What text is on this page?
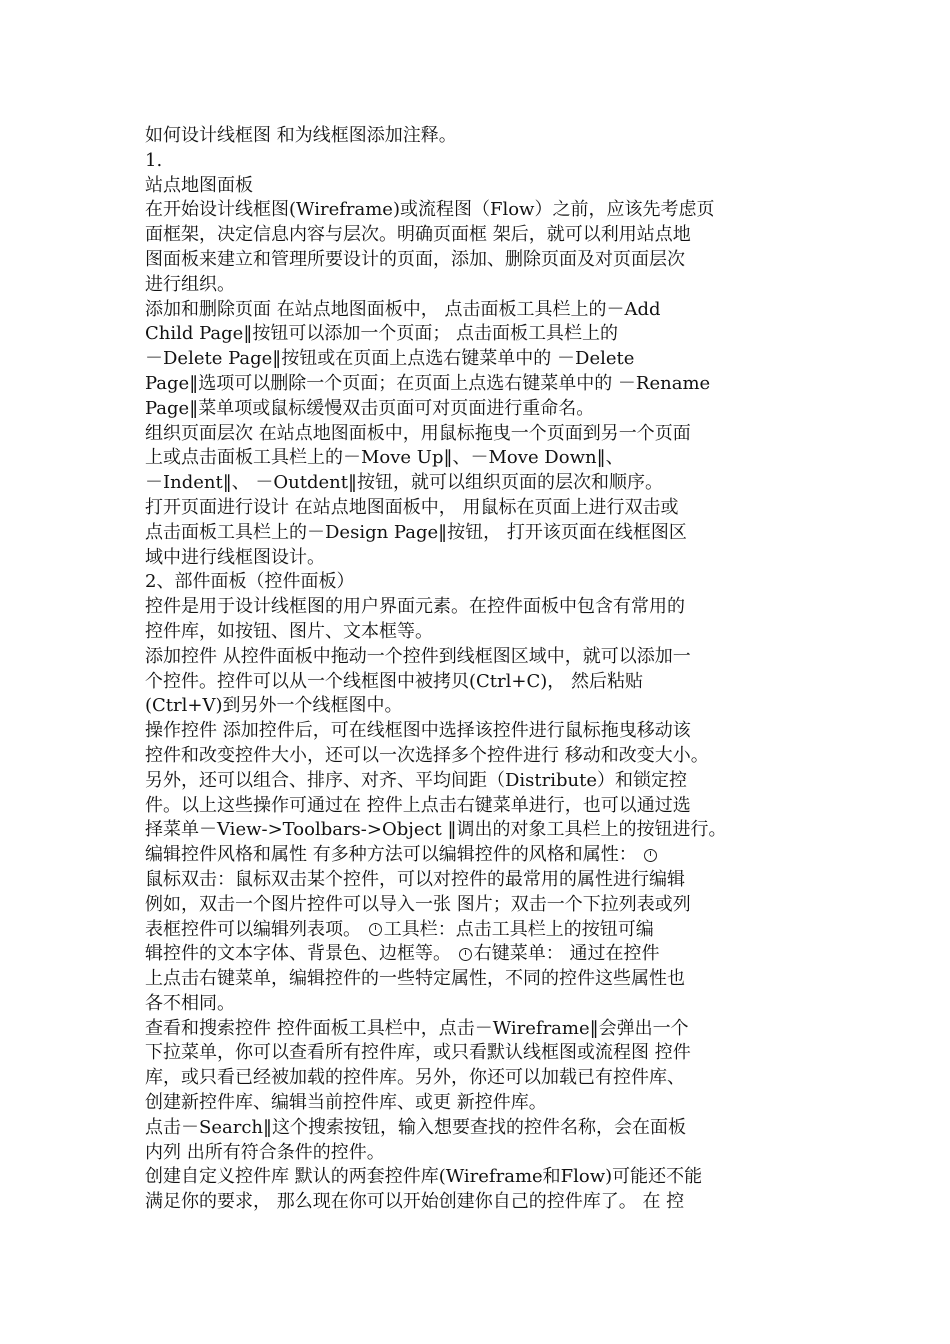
如何设计线框图 和为线框图添加注释。
1.
站点地图面板
在开始设计线框图(Wireframe)或流程图（Flow）之前，应该先考虑页
面框架，决定信息内容与层次。明确页面框 架后，就可以利用站点地
图面板来建立和管理所要设计的页面，添加、删除页面及对页面层次
进行组织。
添加和删除页面 在站点地图面板中， 点击面板工具栏上的－Add
Child Page‖按钮可以添加一个页面； 点击面板工具栏上的
－Delete Page‖按钮或在页面上点选右键菜单中的 －Delete
Page‖选项可以删除一个页面；在页面上点选右键菜单中的 －Rename
Page‖菜单项或鼠标缓慢双击页面可对页面进行重命名。
组织页面层次 在站点地图面板中，用鼠标拖曳一个页面到另一个页面
上或点击面板工具栏上的－Move Up‖、－Move Down‖、
－Indent‖、 －Outdent‖按钮，就可以组织页面的层次和顺序。
打开页面进行设计 在站点地图面板中， 用鼠标在页面上进行双击或
点击面板工具栏上的－Design Page‖按钮， 打开该页面在线框图区
域中进行线框图设计。
2、部件面板（控件面板）
控件是用于设计线框图的用户界面元素。在控件面板中包含有常用的
控件库，如按钮、图片、文本框等。
添加控件 从控件面板中拖动一个控件到线框图区域中，就可以添加一
个控件。控件可以从一个线框图中被拷贝(Ctrl+C)， 然后粘贴
(Ctrl+V)到另外一个线框图中。
操作控件 添加控件后，可在线框图中选择该控件进行鼠标拖曳移动该
控件和改变控件大小，还可以一次选择多个控件进行 移动和改变大小。
另外，还可以组合、排序、对齐、平均间距（Distribute）和锁定控
件。以上这些操作可通过在 控件上点击右键菜单进行，也可以通过选
择菜单－View->Toolbars->Object ‖调出的对象工具栏上的按钮进行。
编辑控件风格和属性 有多种方法可以编辑控件的风格和属性：
鼠标双击：鼠标双击某个控件，可以对控件的最常用的属性进行编辑
例如，双击一个图片控件可以导入一张 图片；双击一个下拉列表或列
表框控件可以编辑列表项。 工具栏：点击工具栏上的按钮可编
辑控件的文本字体、背景色、边框等。 右键菜单： 通过在控件
上点击右键菜单，编辑控件的一些特定属性，不同的控件这些属性也
各不相同。
查看和搜索控件 控件面板工具栏中，点击－Wireframe‖会弹出一个
下拉菜单，你可以查看所有控件库，或只看默认线框图或流程图 控件
库，或只看已经被加载的控件库。另外，你还可以加载已有控件库、
创建新控件库、编辑当前控件库、或更 新控件库。
点击－Search‖这个搜索按钮，输入想要查找的控件名称，会在面板
内列 出所有符合条件的控件。
创建自定义控件库 默认的两套控件库(Wireframe和Flow)可能还不能
满足你的要求， 那么现在你可以开始创建你自己的控件库了。 在 控
